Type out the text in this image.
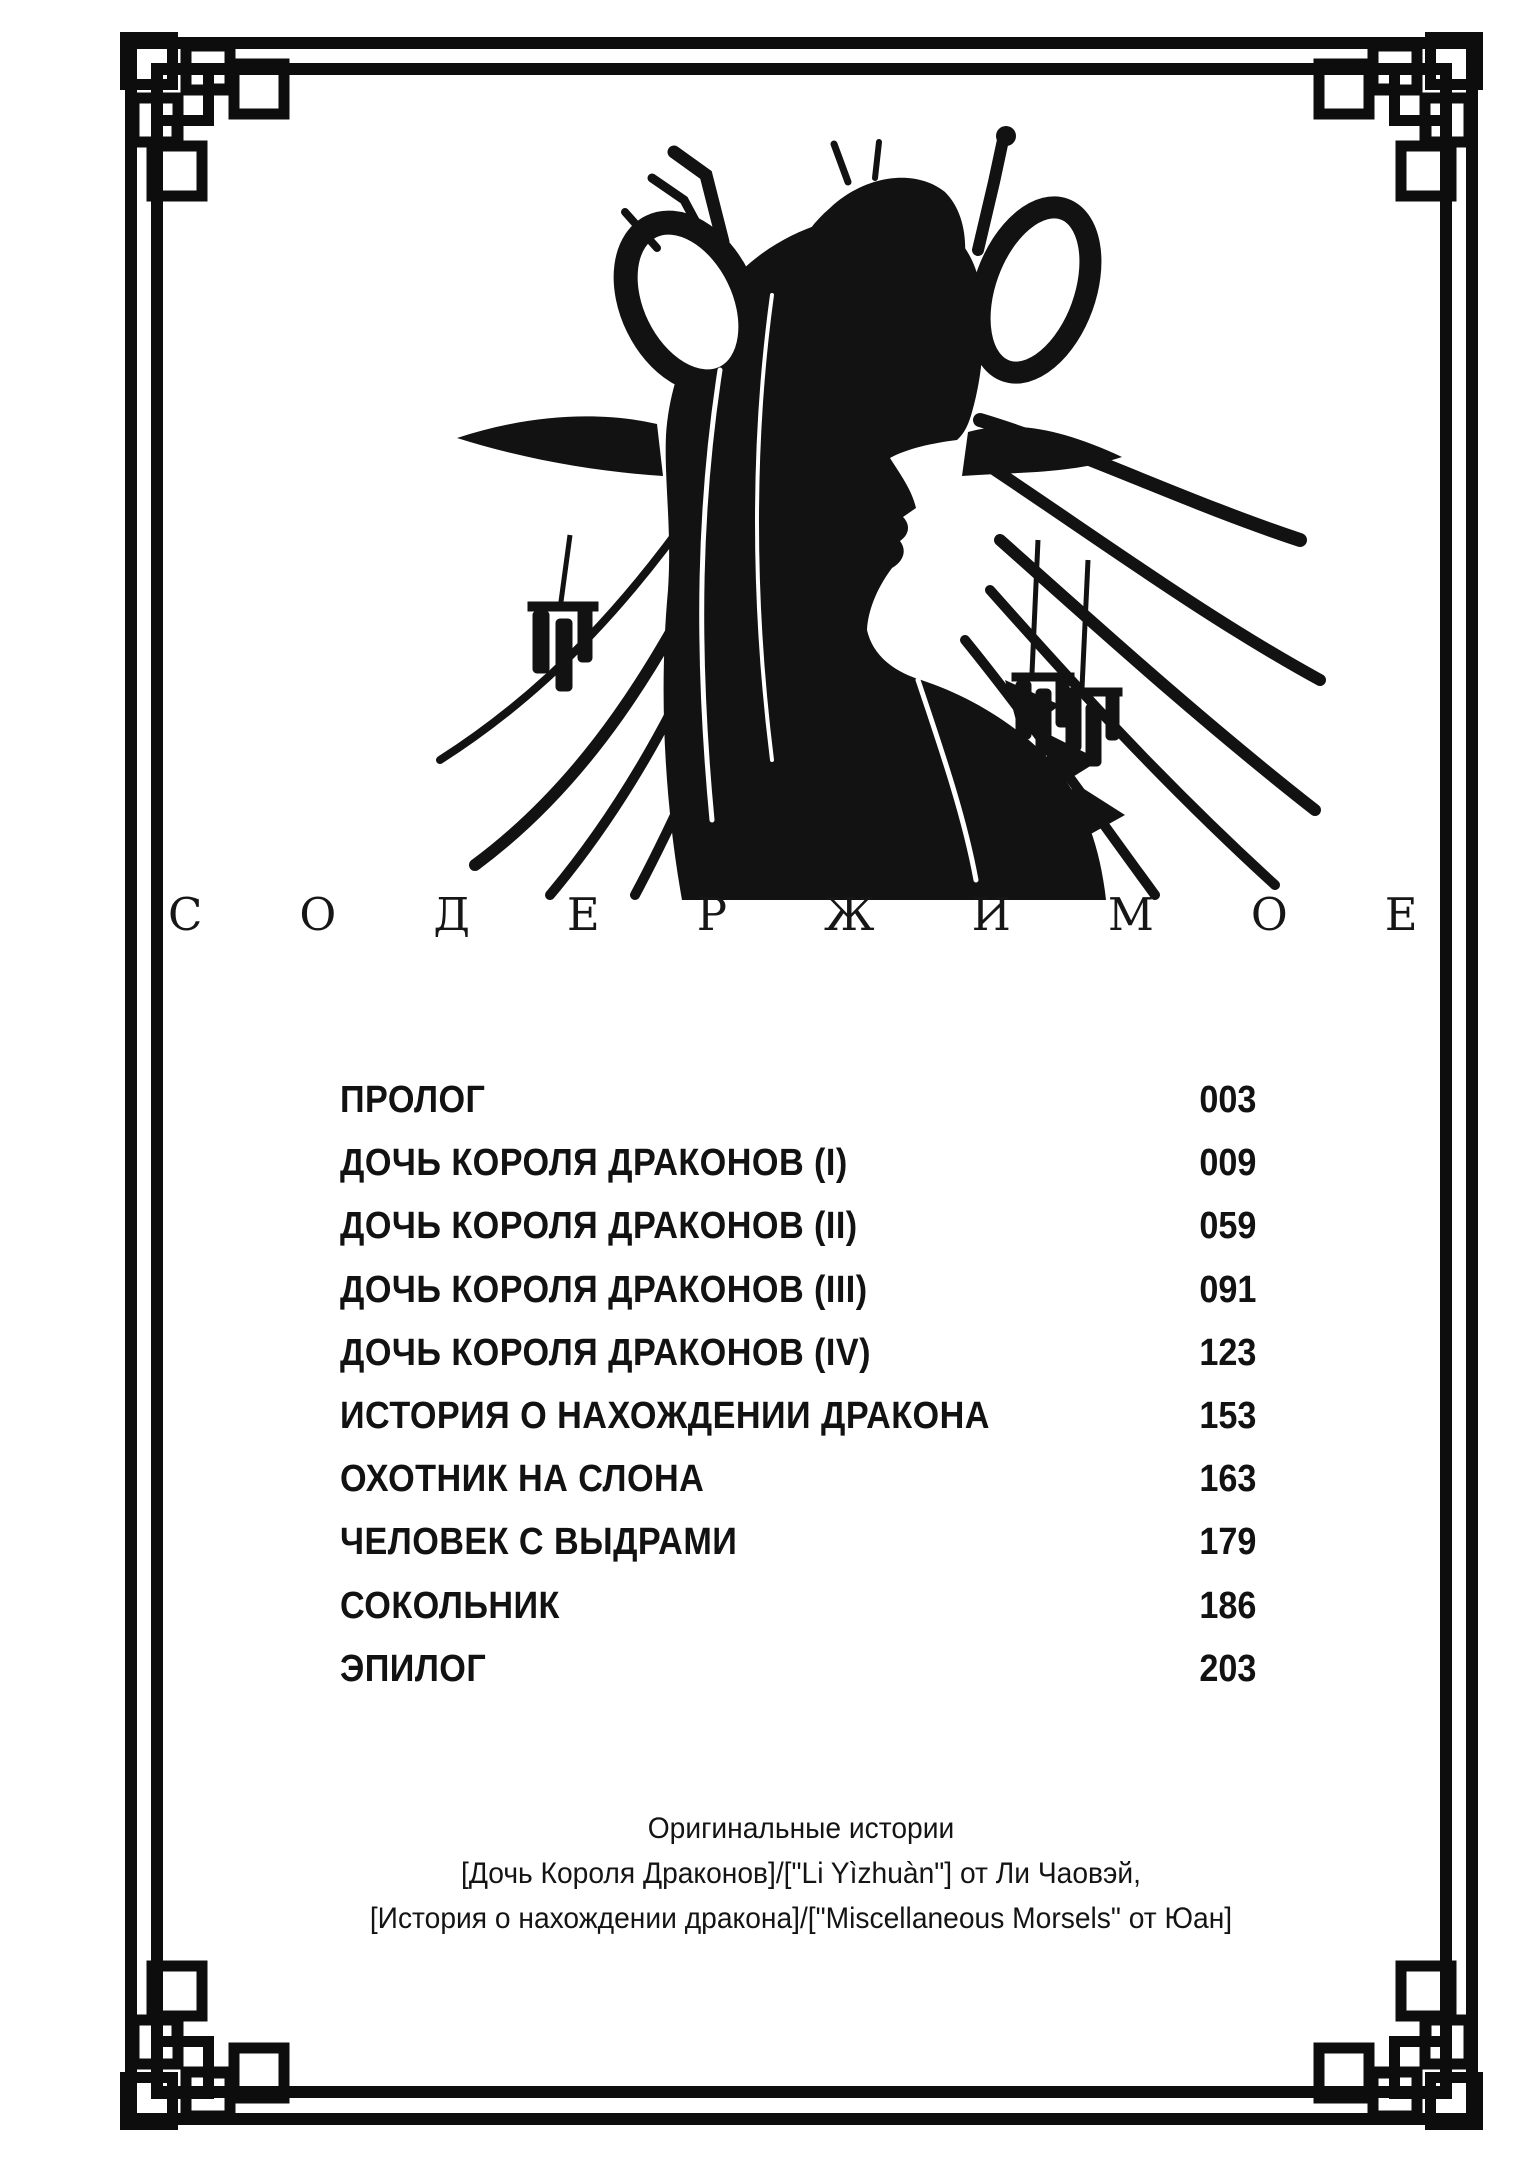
СОДЕРЖИМОЕ
ПРОЛОГ	003
ДОЧЬ КОРОЛЯ ДРАКОНОВ (I)	009
ДОЧЬ КОРОЛЯ ДРАКОНОВ (II)	059
ДОЧЬ КОРОЛЯ ДРАКОНОВ (III)	091
ДОЧЬ КОРОЛЯ ДРАКОНОВ (IV)	123
ИСТОРИЯ О НАХОЖДЕНИИ ДРАКОНА	153
ОХОТНИК НА СЛОНА	163
ЧЕЛОВЕК С ВЫДРАМИ	179
СОКОЛЬНИК	186
ЭПИЛОГ	203
Оригинальные истории
[Дочь Короля Драконов]/["Li Yìzhuàn"] от Ли Чаовэй,
[История о нахождении дракона]/["Miscellaneous Morsels" от Юан]
